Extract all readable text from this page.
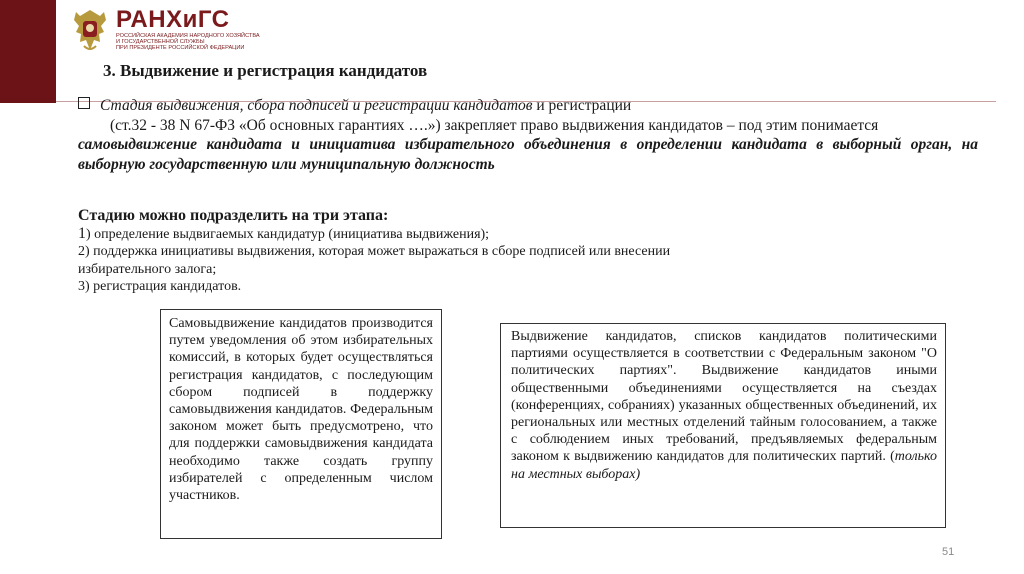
РАНХиГС
РОССИЙСКАЯ АКАДЕМИЯ НАРОДНОГО ХОЗЯЙСТВА
И ГОСУДАРСТВЕННОЙ СЛУЖБЫ
ПРИ ПРЕЗИДЕНТЕ РОССИЙСКОЙ ФЕДЕРАЦИИ
3. Выдвижение и регистрация кандидатов
Стадия выдвижения, сбора подписей и регистрации кандидатов и регистрации
(ст.32 - 38 N 67-ФЗ «Об основных гарантиях ….») закрепляет право выдвижения кандидатов – под этим понимается
самовыдвижение кандидата и инициатива избирательного объединения в определении кандидата в выборный орган, на выборную государственную или муниципальную должность
Стадию можно подразделить на три этапа:
1) определение выдвигаемых кандидатур (инициатива выдвижения);
2) поддержка инициативы выдвижения, которая может выражаться в сборе подписей или внесении
избирательного залога;
3) регистрация кандидатов.
Самовыдвижение кандидатов производится путем уведомления об этом избирательных комиссий, в которых будет осуществляться регистрация кандидатов, с последующим сбором подписей в поддержку самовыдвижения кандидатов. Федеральным законом может быть предусмотрено, что для поддержки самовыдвижения кандидата необходимо также создать группу избирателей с определенным числом участников.
Выдвижение кандидатов, списков кандидатов политическими партиями осуществляется в соответствии с Федеральным законом "О политических партиях". Выдвижение кандидатов иными общественными объединениями осуществляется на съездах (конференциях, собраниях) указанных общественных объединений, их региональных или местных отделений тайным голосованием, а также с соблюдением иных требований, предъявляемых федеральным законом к выдвижению кандидатов для политических партий. (только на местных выборах)
51
